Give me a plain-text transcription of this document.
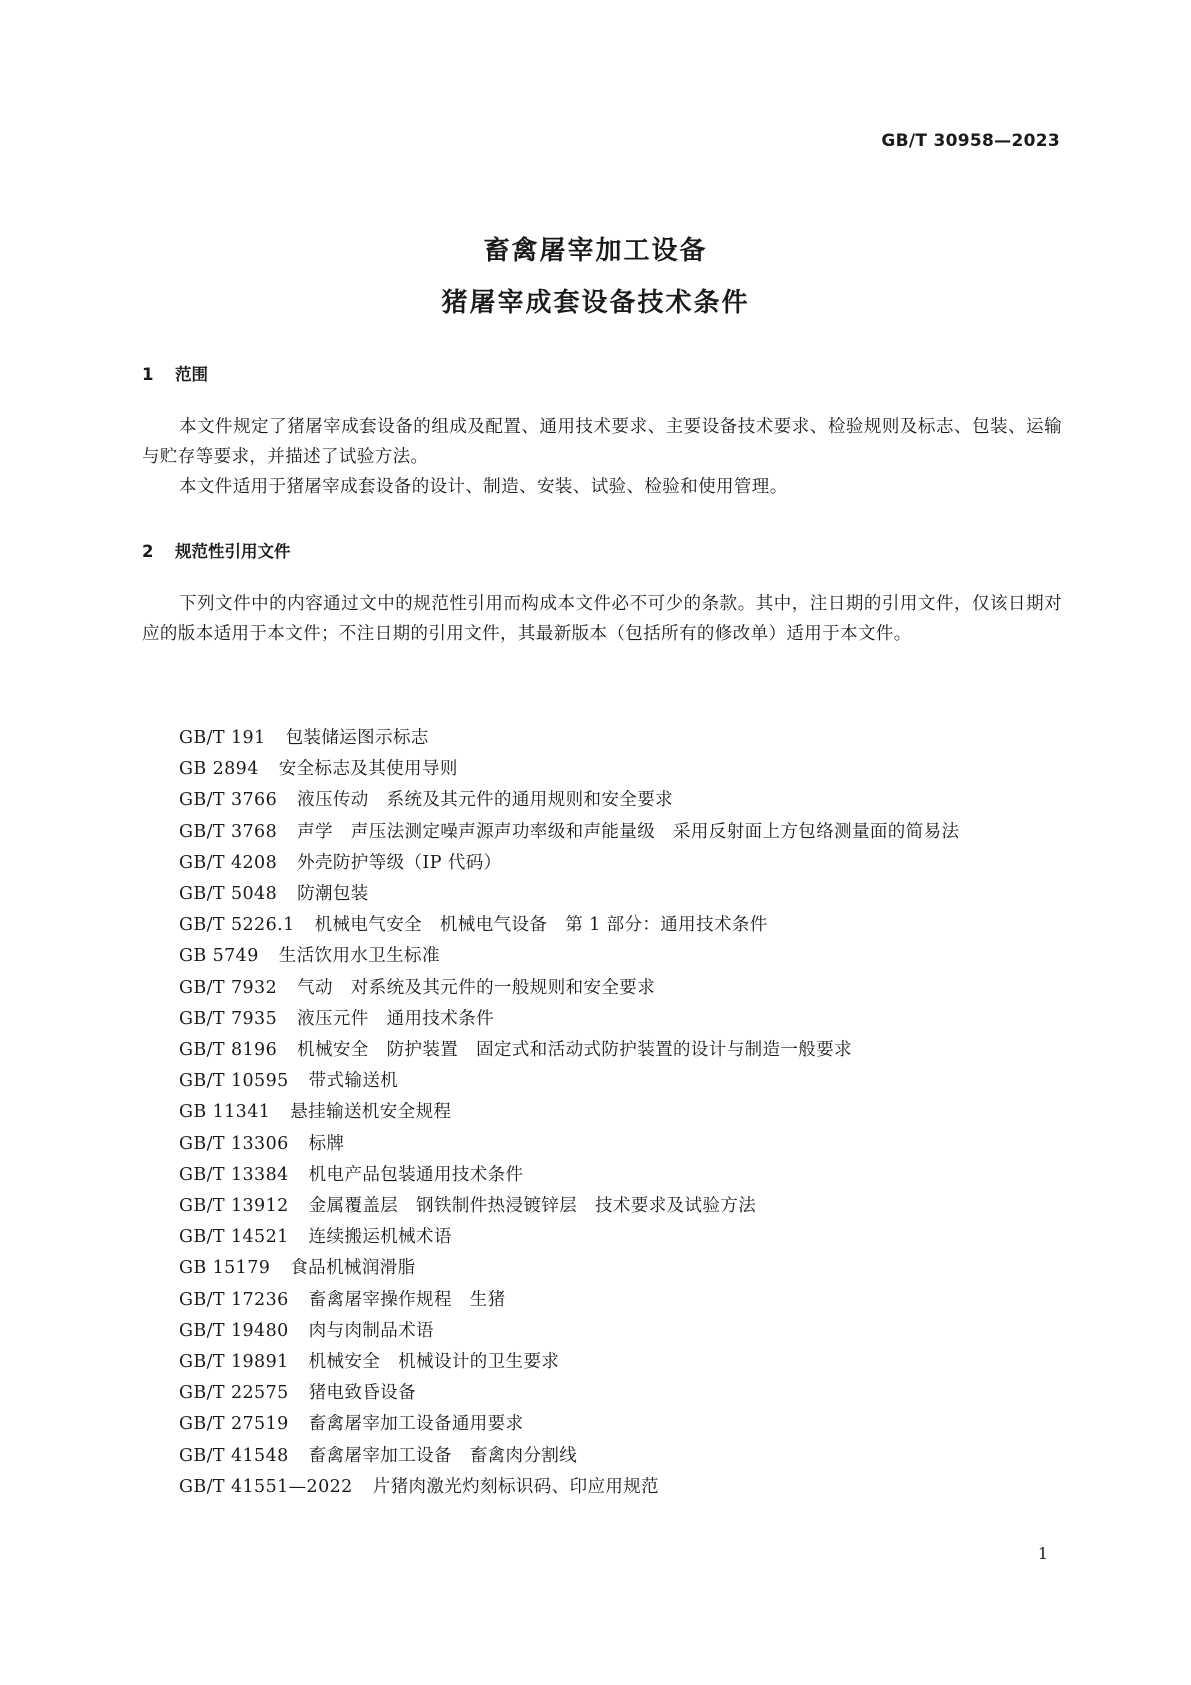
GB/T 30958—2023
畜禽屠宰加工设备
猪屠宰成套设备技术条件
1 范围

本文件规定了猪屠宰成套设备的组成及配置、通用技术要求、主要设备技术要求、检验规则及标志、包装、运输与贮存等要求，并描述了试验方法。

本文件适用于猪屠宰成套设备的设计、制造、安装、试验、检验和使用管理。

2 规范性引用文件

下列文件中的内容通过文中的规范性引用而构成本文件必不可少的条款。其中，注日期的引用文件，仅该日期对应的版本适用于本文件；不注日期的引用文件，其最新版本（包括所有的修改单）适用于本文件。

GB/T 191 包装储运图示标志
GB 2894 安全标志及其使用导则
GB/T 3766 液压传动　系统及其元件的通用规则和安全要求
GB/T 3768 声学　声压法测定噪声源声功率级和声能量级　采用反射面上方包络测量面的简易法
GB/T 4208 外壳防护等级（IP 代码）
GB/T 5048 防潮包装
GB/T 5226.1 机械电气安全　机械电气设备　第 1 部分：通用技术条件
GB 5749 生活饮用水卫生标准
GB/T 7932 气动　对系统及其元件的一般规则和安全要求
GB/T 7935 液压元件　通用技术条件
GB/T 8196 机械安全　防护装置　固定式和活动式防护装置的设计与制造一般要求
GB/T 10595 带式输送机
GB 11341 悬挂输送机安全规程
GB/T 13306 标牌
GB/T 13384 机电产品包装通用技术条件
GB/T 13912 金属覆盖层　钢铁制件热浸镀锌层　技术要求及试验方法
GB/T 14521 连续搬运机械术语
GB 15179 食品机械润滑脂
GB/T 17236 畜禽屠宰操作规程　生猪
GB/T 19480 肉与肉制品术语
GB/T 19891 机械安全　机械设计的卫生要求
GB/T 22575 猪电致昏设备
GB/T 27519 畜禽屠宰加工设备通用要求
GB/T 41548 畜禽屠宰加工设备　畜禽肉分割线
GB/T 41551—2022 片猪肉激光灼刻标识码、印应用规范
1
